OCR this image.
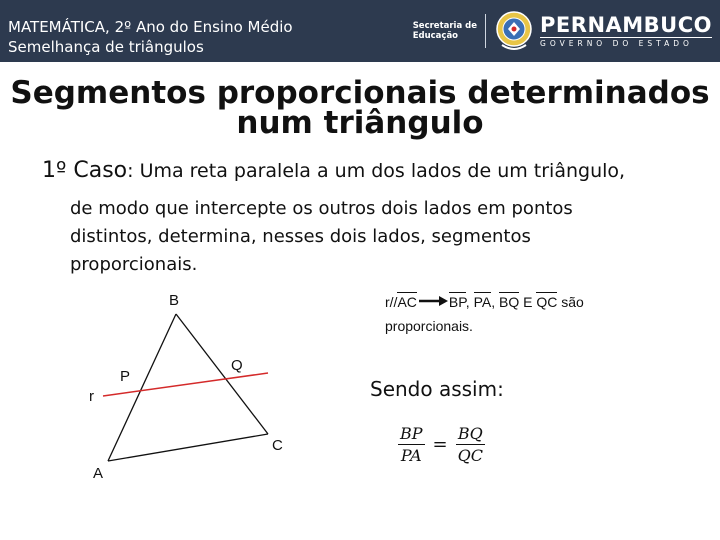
MATEMÁTICA, 2º Ano do Ensino Médio
Semelhança de triângulos
Secretaria de
Educação	PERNAMBUCO
GOVERNO DO ESTADO
Segmentos proporcionais determinados
num triângulo
1º Caso: Uma reta paralela a um dos lados de um triângulo,
de modo que intercepte os outros dois lados em pontos
distintos, determina, nesses dois lados, segmentos
proporcionais.
B
P
Q
r
A
C
r//AC BP, PA, BQ E QC são
proporcionais.
Sendo assim:
$\frac{BP}{PA} = \frac{BQ}{QC}$
